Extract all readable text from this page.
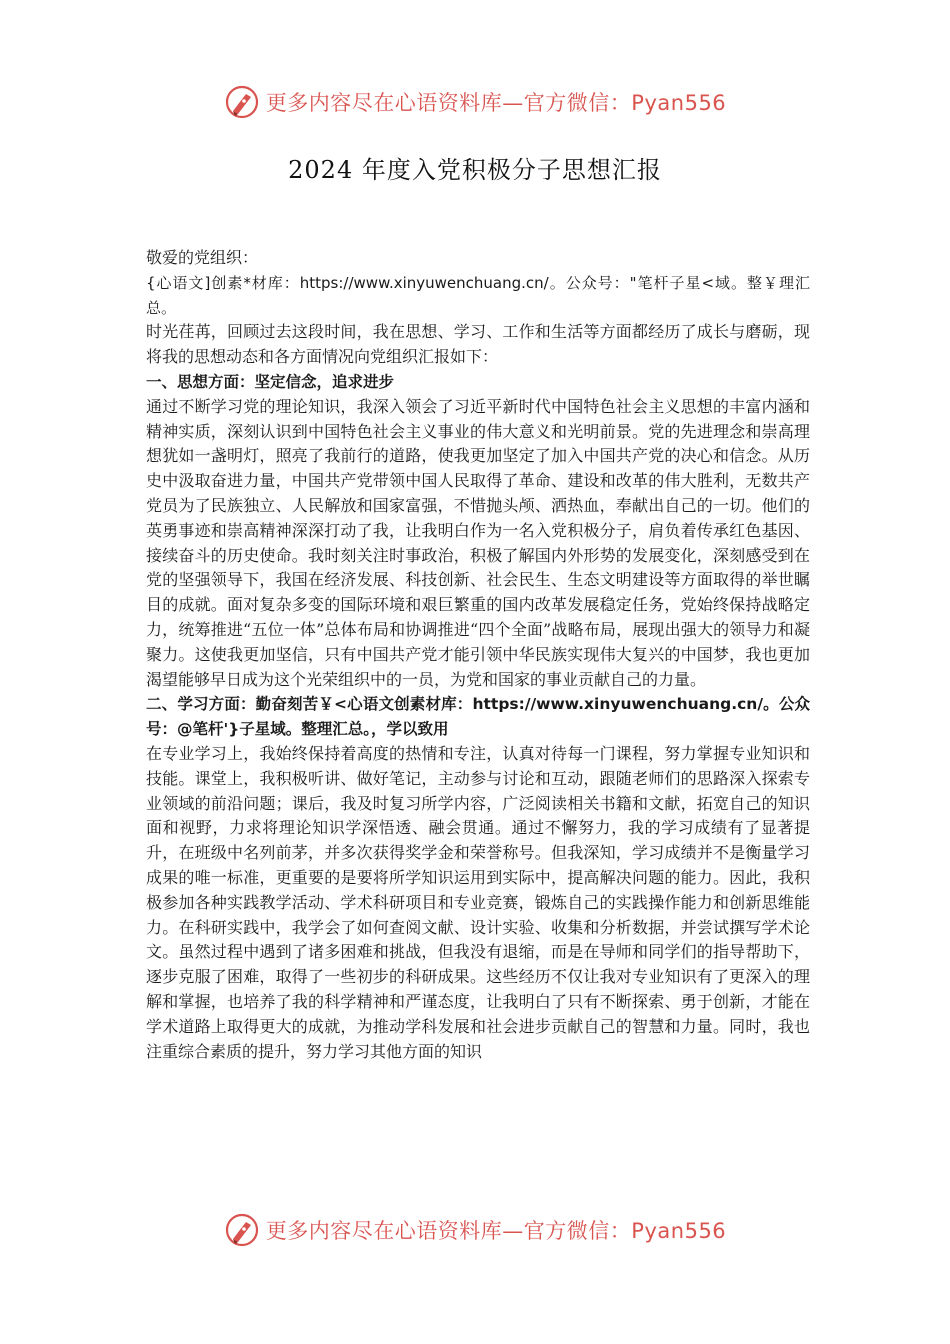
更多内容尽在心语资料库—官方微信：Pyan556
2024 年度入党积极分子思想汇报

敬爱的党组织：

{心语文]创素*材库：https://www.xinyuwenchuang.cn/。公众号："笔杆子星<域。整￥理汇总。

时光荏苒，回顾过去这段时间，我在思想、学习、工作和生活等方面都经历了成长与磨砺，现将我的思想动态和各方面情况向党组织汇报如下：

一、思想方面：坚定信念，追求进步

通过不断学习党的理论知识，我深入领会了习近平新时代中国特色社会主义思想的丰富内涵和精神实质，深刻认识到中国特色社会主义事业的伟大意义和光明前景。党的先进理念和崇高理想犹如一盏明灯，照亮了我前行的道路，使我更加坚定了加入中国共产党的决心和信念。从历史中汲取奋进力量，中国共产党带领中国人民取得了革命、建设和改革的伟大胜利，无数共产党员为了民族独立、人民解放和国家富强，不惜抛头颅、洒热血，奉献出自己的一切。他们的英勇事迹和崇高精神深深打动了我，让我明白作为一名入党积极分子，肩负着传承红色基因、接续奋斗的历史使命。我时刻关注时事政治，积极了解国内外形势的发展变化，深刻感受到在党的坚强领导下，我国在经济发展、科技创新、社会民生、生态文明建设等方面取得的举世瞩目的成就。面对复杂多变的国际环境和艰巨繁重的国内改革发展稳定任务，党始终保持战略定力，统筹推进“五位一体”总体布局和协调推进“四个全面”战略布局，展现出强大的领导力和凝聚力。这使我更加坚信，只有中国共产党才能引领中华民族实现伟大复兴的中国梦，我也更加渴望能够早日成为这个光荣组织中的一员，为党和国家的事业贡献自己的力量。

二、学习方面：勤奋刻苦￥<心语文创素材库：https://www.xinyuwenchuang.cn/。公众号：@笔杆'}子星域。整理汇总。，学以致用

在专业学习上，我始终保持着高度的热情和专注，认真对待每一门课程，努力掌握专业知识和技能。课堂上，我积极听讲、做好笔记，主动参与讨论和互动，跟随老师们的思路深入探索专业领域的前沿问题；课后，我及时复习所学内容，广泛阅读相关书籍和文献，拓宽自己的知识面和视野，力求将理论知识学深悟透、融会贯通。通过不懈努力，我的学习成绩有了显著提升，在班级中名列前茅，并多次获得奖学金和荣誉称号。但我深知，学习成绩并不是衡量学习成果的唯一标准，更重要的是要将所学知识运用到实际中，提高解决问题的能力。因此，我积极参加各种实践教学活动、学术科研项目和专业竞赛，锻炼自己的实践操作能力和创新思维能力。在科研实践中，我学会了如何查阅文献、设计实验、收集和分析数据，并尝试撰写学术论文。虽然过程中遇到了诸多困难和挑战，但我没有退缩，而是在导师和同学们的指导帮助下，逐步克服了困难，取得了一些初步的科研成果。这些经历不仅让我对专业知识有了更深入的理解和掌握，也培养了我的科学精神和严谨态度，让我明白了只有不断探索、勇于创新，才能在学术道路上取得更大的成就，为推动学科发展和社会进步贡献自己的智慧和力量。同时，我也注重综合素质的提升，努力学习其他方面的知识

更多内容尽在心语资料库—官方微信：Pyan556
